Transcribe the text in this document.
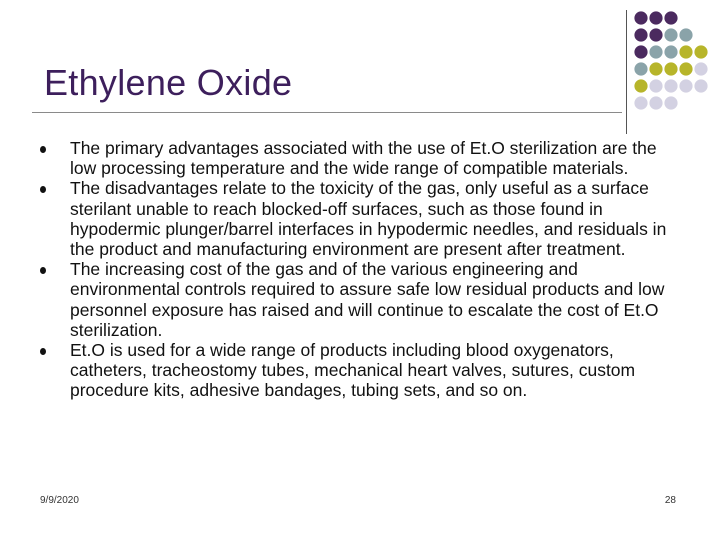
Ethylene Oxide
The primary advantages associated with the use of Et.O sterilization are the low processing temperature and the wide range of compatible materials.
The disadvantages relate to the toxicity of the gas, only useful as a surface sterilant unable to reach blocked-off surfaces, such as those found in hypodermic plunger/barrel interfaces in hypodermic needles, and residuals in the product and manufacturing environment are present after treatment.
The increasing cost of the gas and of the various engineering and environmental controls required to assure safe low residual products and low personnel exposure has raised and will continue to escalate the cost of Et.O sterilization.
Et.O is used for a wide range of products including blood oxygenators, catheters, tracheostomy tubes, mechanical heart valves, sutures, custom procedure kits, adhesive bandages, tubing sets, and so on.
9/9/2020	28
